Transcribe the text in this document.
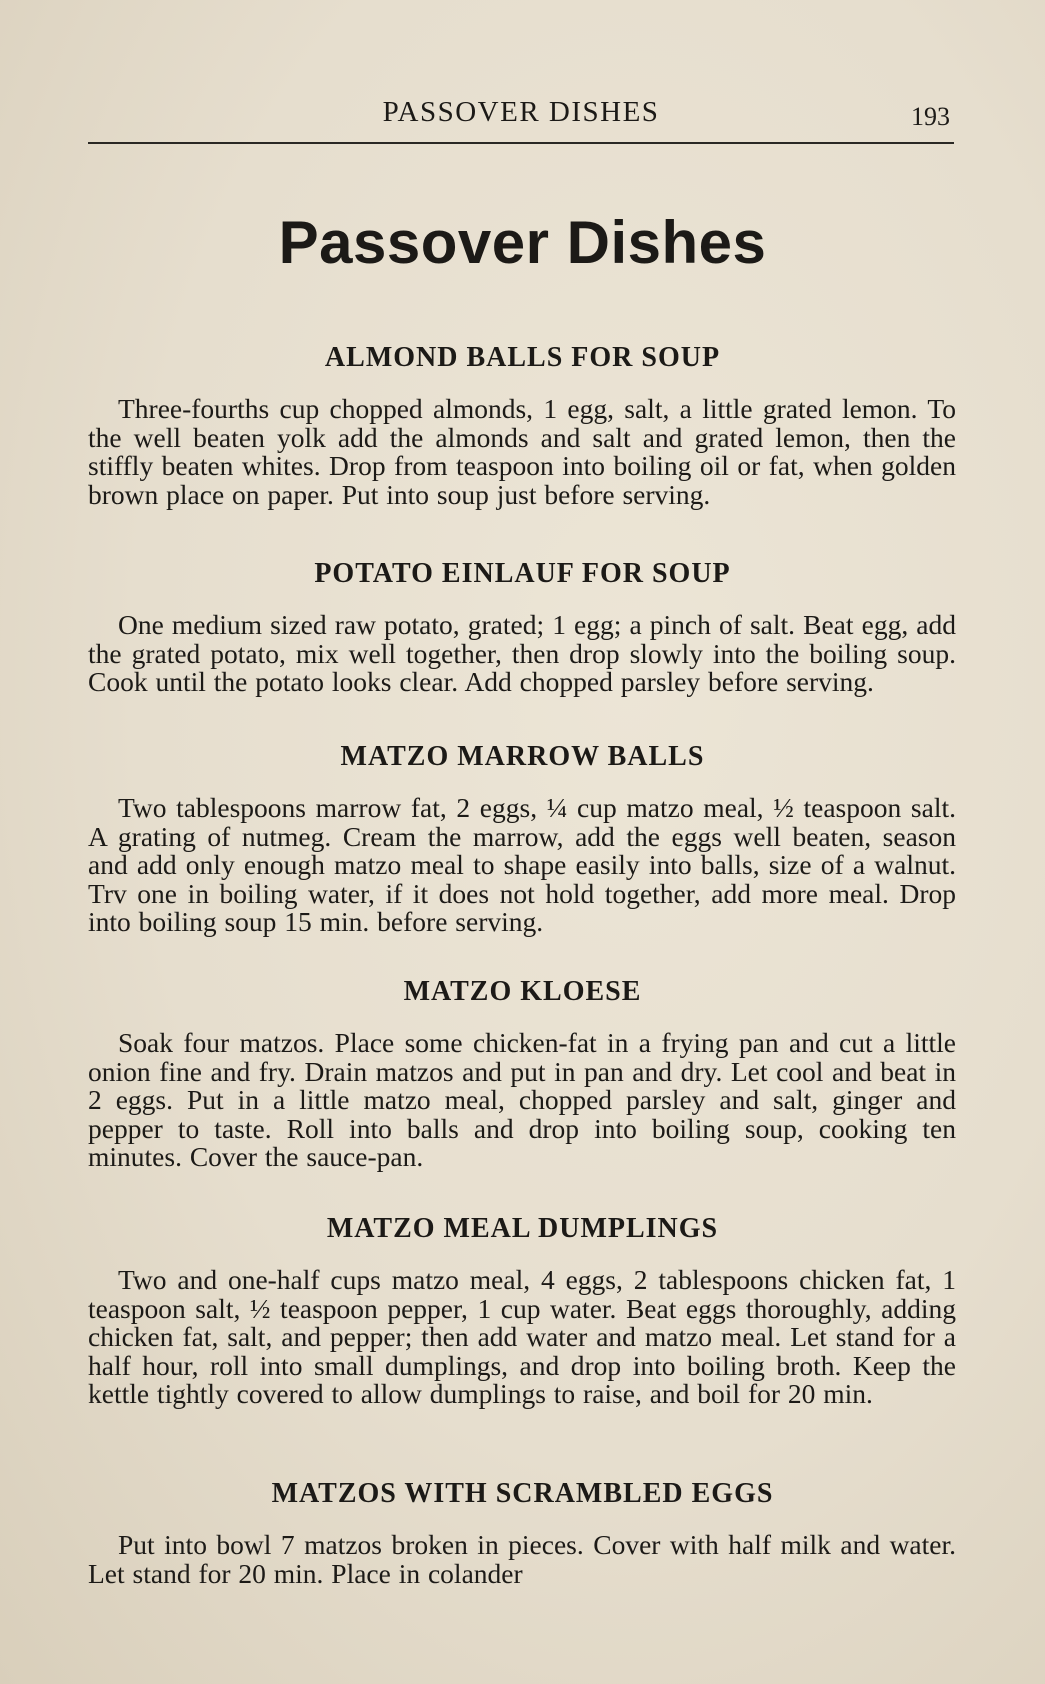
PASSOVER DISHES	193
Passover Dishes
ALMOND BALLS FOR SOUP

Three-fourths cup chopped almonds, 1 egg, salt, a little grated lemon. To the well beaten yolk add the almonds and salt and grated lemon, then the stiffly beaten whites. Drop from teaspoon into boiling oil or fat, when golden brown place on paper. Put into soup just before serving.

POTATO EINLAUF FOR SOUP

One medium sized raw potato, grated; 1 egg; a pinch of salt. Beat egg, add the grated potato, mix well together, then drop slowly into the boiling soup. Cook until the potato looks clear. Add chopped parsley before serving.

MATZO MARROW BALLS

Two tablespoons marrow fat, 2 eggs, ¼ cup matzo meal, ½ teaspoon salt. A grating of nutmeg. Cream the marrow, add the eggs well beaten, season and add only enough matzo meal to shape easily into balls, size of a walnut. Trv one in boiling water, if it does not hold together, add more meal. Drop into boiling soup 15 min. before serving.

MATZO KLOESE

Soak four matzos. Place some chicken-fat in a frying pan and cut a little onion fine and fry. Drain matzos and put in pan and dry. Let cool and beat in 2 eggs. Put in a little matzo meal, chopped parsley and salt, ginger and pepper to taste. Roll into balls and drop into boiling soup, cooking ten minutes. Cover the sauce-pan.

MATZO MEAL DUMPLINGS

Two and one-half cups matzo meal, 4 eggs, 2 tablespoons chicken fat, 1 teaspoon salt, ½ teaspoon pepper, 1 cup water. Beat eggs thoroughly, adding chicken fat, salt, and pepper; then add water and matzo meal. Let stand for a half hour, roll into small dumplings, and drop into boiling broth. Keep the kettle tightly covered to allow dumplings to raise, and boil for 20 min.

MATZOS WITH SCRAMBLED EGGS

Put into bowl 7 matzos broken in pieces. Cover with half milk and water. Let stand for 20 min. Place in colander
